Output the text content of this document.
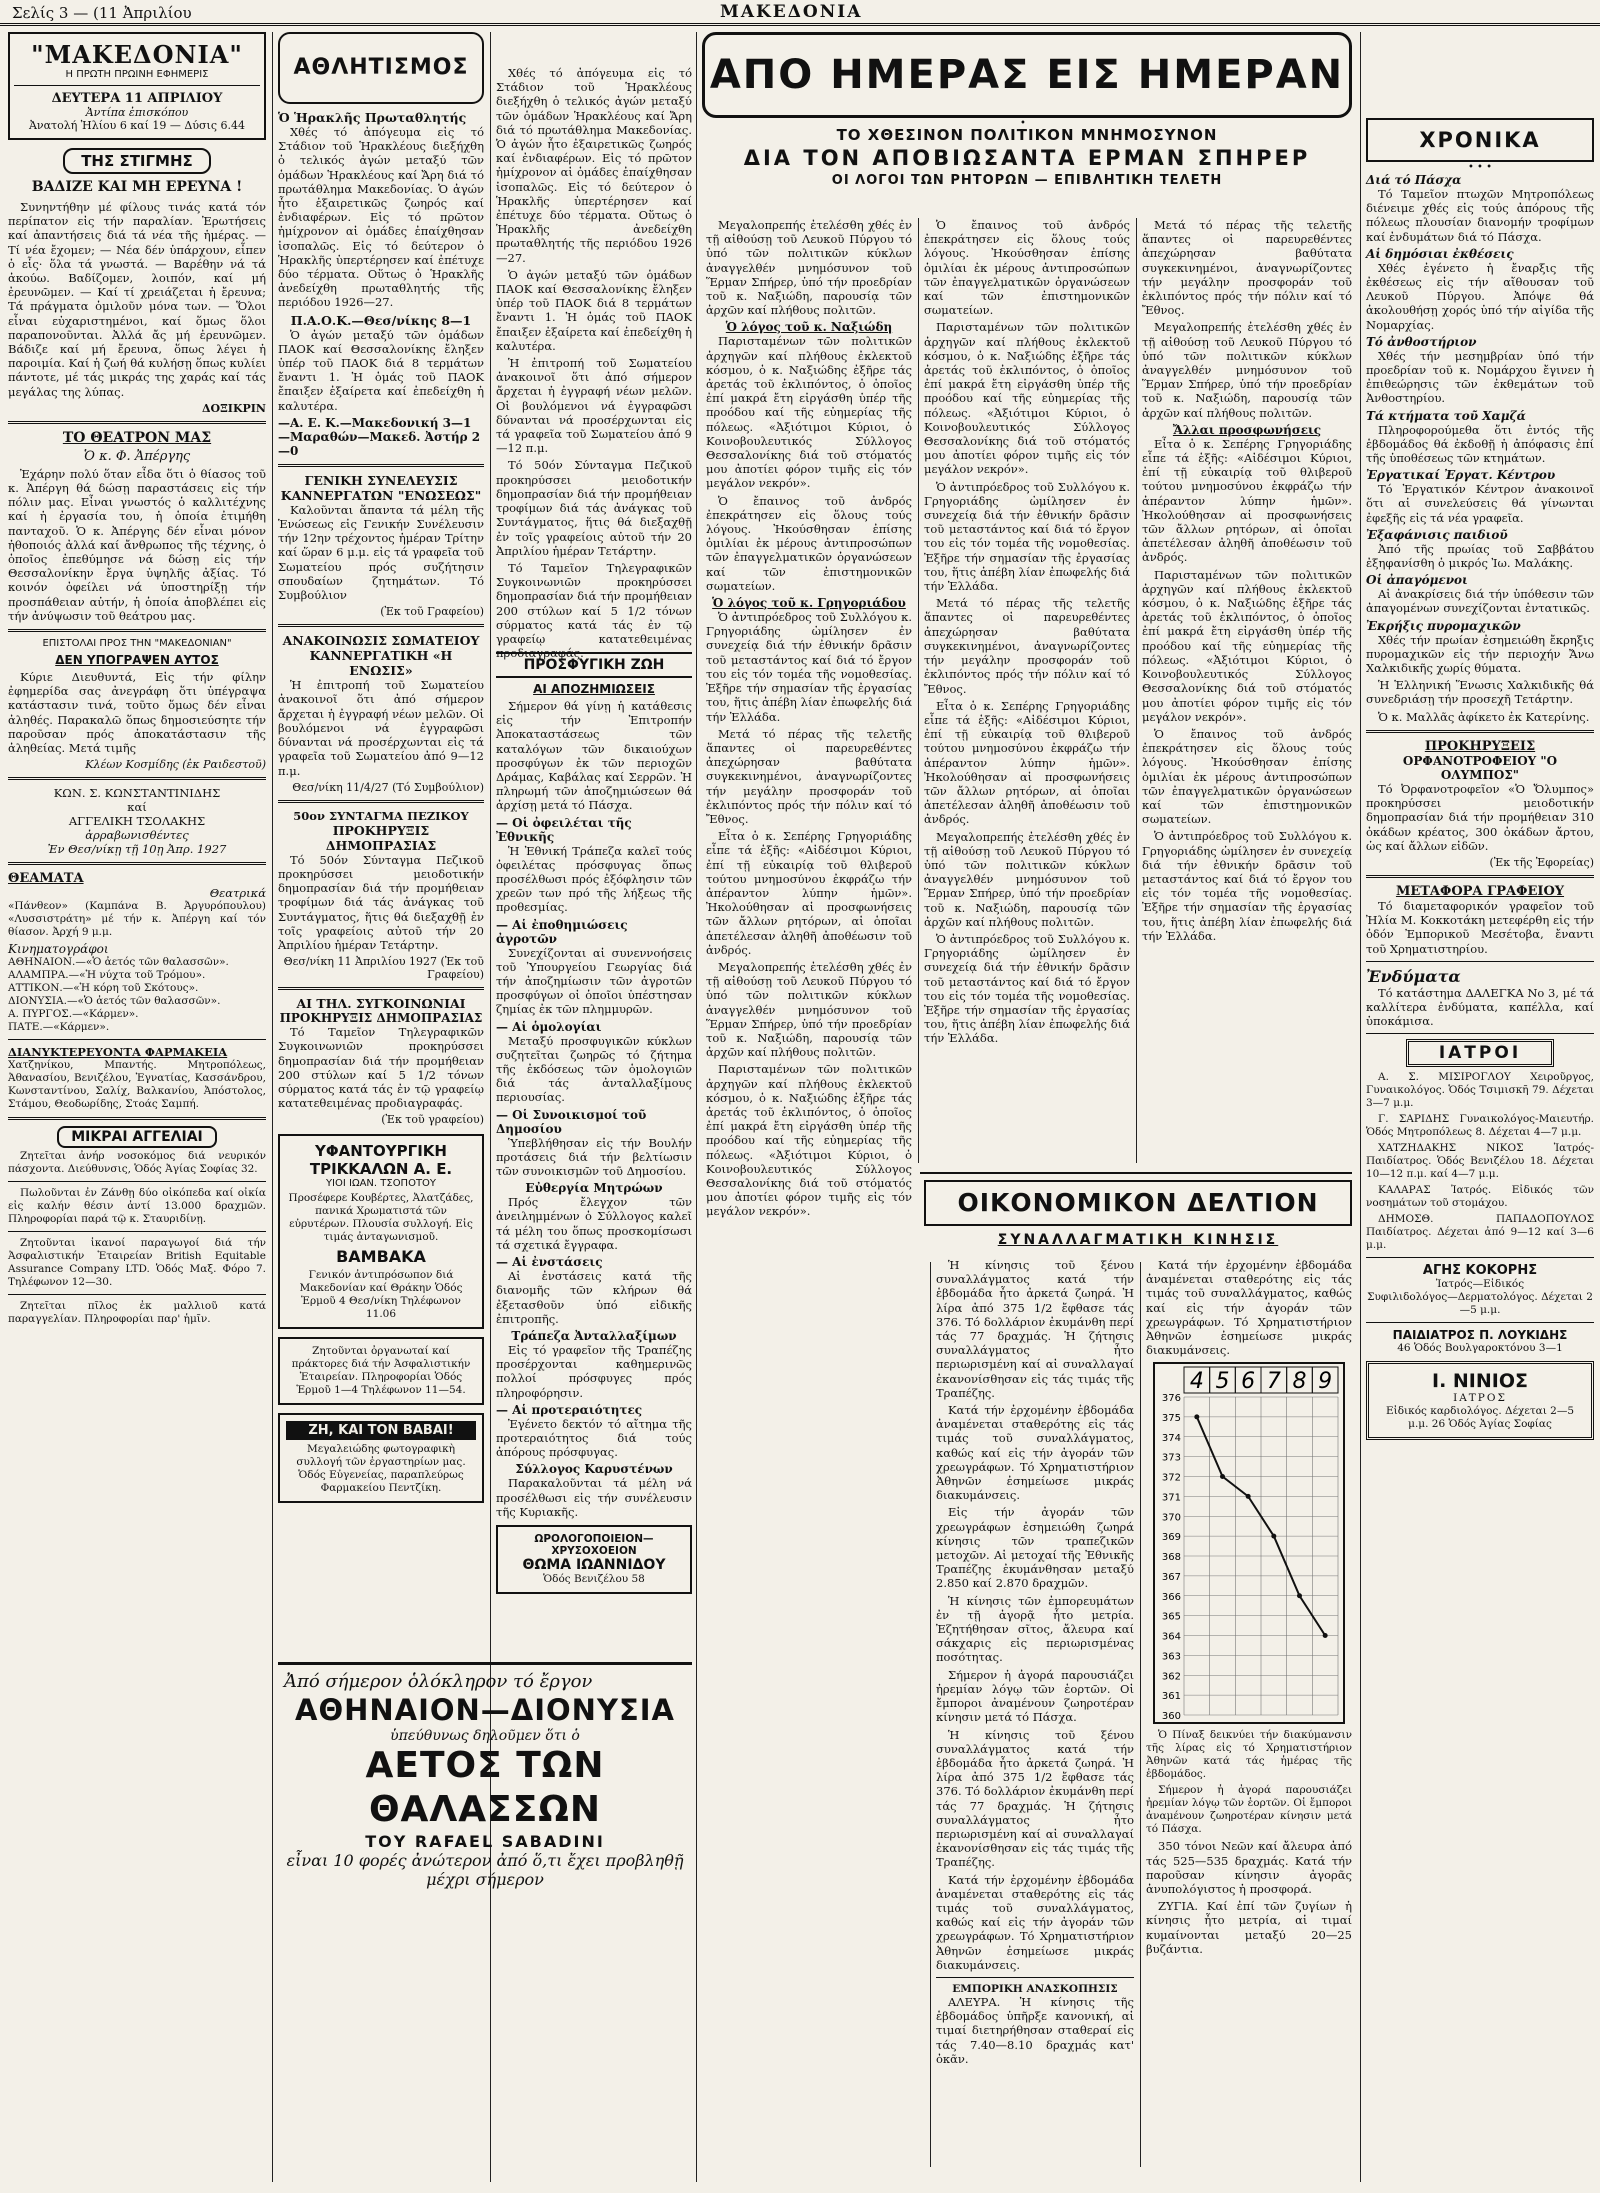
Σελίς 3 — (11 Ἀπριλίου	ΜΑΚΕΔΟΝΙΑ
"ΜΑΚΕΔΟΝΙΑ"
Η ΠΡΩΤΗ ΠΡΩΙΝΗ ΕΦΗΜΕΡΙΣ
ΔΕΥΤΕΡΑ 11 ΑΠΡΙΛΙΟΥ
Ἀντίπα ἐπισκόπου
Ἀνατολή Ἡλίου 6 καί 19 — Δύσις 6.44
ΤΗΣ ΣΤΙΓΜΗΣ
ΒΑΔΙΖΕ ΚΑΙ ΜΗ ΕΡΕΥΝΑ !

Συνηντήθην μέ φίλους τινάς κατά τόν περίπατον εἰς τήν παραλίαν. Ἐρωτήσεις καί ἀπαντήσεις διά τά νέα τῆς ἡμέρας. — Τί νέα ἔχομεν; — Νέα δέν ὑπάρχουν, εἶπεν ὁ εἷς· ὅλα τά γνωστά. — Βαρέθην νά τά ἀκούω. Βαδίζομεν, λοιπόν, καί μή ἐρευνῶμεν. — Καί τί χρειάζεται ἡ ἔρευνα; Τά πράγματα ὁμιλοῦν μόνα των. — Ὅλοι εἶναι εὐχαριστημένοι, καί ὅμως ὅλοι παραπονοῦνται. Ἀλλά ἄς μή ἐρευνῶμεν. Βάδιζε καί μή ἔρευνα, ὅπως λέγει ἡ παροιμία. Καί ἡ ζωή θά κυλήσῃ ὅπως κυλίει πάντοτε, μέ τάς μικράς της χαράς καί τάς μεγάλας της λύπας.

ΔΟΞΙΚΡΙΝ
ΤΟ ΘΕΑΤΡΟΝ ΜΑΣ
Ὁ κ. Φ. Ἀπέργης

Ἐχάρην πολύ ὅταν εἶδα ὅτι ὁ θίασος τοῦ κ. Ἀπέργη θά δώσῃ παραστάσεις εἰς τήν πόλιν μας. Εἶναι γνωστός ὁ καλλιτέχνης καί ἡ ἐργασία του, ἡ ὁποία ἐτιμήθη πανταχοῦ. Ὁ κ. Ἀπέργης δέν εἶναι μόνον ἠθοποιός ἀλλά καί ἄνθρωπος τῆς τέχνης, ὁ ὁποῖος ἐπεθύμησε νά δώσῃ εἰς τήν Θεσσαλονίκην ἔργα ὑψηλῆς ἀξίας. Τό κοινόν ὀφείλει νά ὑποστηρίξῃ τήν προσπάθειαν αὐτήν, ἡ ὁποία ἀποβλέπει εἰς τήν ἀνύψωσιν τοῦ θεάτρου μας.

ΕΠΙΣΤΟΛΑΙ ΠΡΟΣ ΤΗΝ "ΜΑΚΕΔΟΝΙΑΝ"
ΔΕΝ ΥΠΟΓΡΑΨΕΝ ΑΥΤΟΣ

Κύριε Διευθυντά, Εἰς τήν φίλην ἐφημερίδα σας ἀνεγράφη ὅτι ὑπέγραψα κατάστασιν τινά, τοῦτο ὅμως δέν εἶναι ἀληθές. Παρακαλῶ ὅπως δημοσιεύσητε τήν παροῦσαν πρός ἀποκατάστασιν τῆς ἀληθείας. Μετά τιμῆς

Κλέων Κοσμίδης (ἐκ Ραιδεστοῦ)
ΚΩΝ. Σ. ΚΩΝΣΤΑΝΤΙΝΙΔΗΣ
καί
ΑΓΓΕΛΙΚΗ ΤΣΟΛΑΚΗΣ
ἀρραβωνισθέντες
Ἐν Θεσ/νίκῃ τῇ 10ῃ Ἀπρ. 1927
ΘΕΑΜΑΤΑ
Θεατρικά
«Πάνθεον» (Καμπάνα Β. Ἀργυρόπουλου) «Λυσσιστράτη» μέ τήν κ. Ἀπέργη καί τόν θίασον. Ἀρχή 9 μ.μ.
Κινηματογράφοι
ΑΘΗΝΑΙΟΝ.—«Ὁ ἀετός τῶν θαλασσῶν».
ΑΛΑΜΠΡΑ.—«Ἡ νύχτα τοῦ Τρόμου».
ΑΤΤΙΚΟΝ.—«Ἡ κόρη τοῦ Σκότους».
ΔΙΟΝΥΣΙΑ.—«Ὁ ἀετός τῶν θαλασσῶν».
Α. ΠΥΡΓΟΣ.—«Κάρμεν».
ΠΑΤΕ.—«Κάρμεν».
ΔΙΑΝΥΚΤΕΡΕΥΟΝΤΑ ΦΑΡΜΑΚΕΙΑ
Χατζηνίκου, Μπαντής. Μητροπόλεως, Ἀθανασίου, Βενιζέλου, Ἐγνατίας, Κασσάνδρου, Κωνσταντίνου, Σαλίχ, Βαλκανίου, Ἀπόστολος, Στάμου, Θεοδωρίδης, Στοάς Σαμπή.
ΜΙΚΡΑΙ ΑΓΓΕΛΙΑΙ

Ζητεῖται ἀνήρ νοσοκόμος διά νευρικόν πάσχοντα. Διεύθυνσις, Ὁδός Ἀγίας Σοφίας 32.

Πωλοῦνται ἐν Ζάνθῃ δύο οἰκόπεδα καί οἰκία εἰς καλήν θέσιν ἀντί 13.000 δραχμῶν. Πληροφορίαι παρά τῷ κ. Σταυριδίνῃ.

Ζητοῦνται ἱκανοί παραγωγοί διά τήν Ἀσφαλιστικήν Ἑταιρείαν British Equitable Assurance Company LTD. Ὁδός Μαξ. Φόρο 7. Τηλέφωνον 12—30.

Ζητεῖται πῖλος ἐκ μαλλιοῦ κατά παραγγελίαν. Πληροφορίαι παρ' ἡμῖν.

ΑΘΛΗΤΙΣΜΟΣ
Ὁ Ἡρακλῆς Πρωταθλητής

Χθές τό ἀπόγευμα εἰς τό Στάδιον τοῦ Ἡρακλέους διεξήχθη ὁ τελικός ἀγών μεταξύ τῶν ὁμάδων Ἡρακλέους καί Ἄρη διά τό πρωτάθλημα Μακεδονίας. Ὁ ἀγών ἦτο ἐξαιρετικῶς ζωηρός καί ἐνδιαφέρων. Εἰς τό πρῶτον ἡμίχρονον αἱ ὁμάδες ἐπαίχθησαν ἰσοπαλῶς. Εἰς τό δεύτερον ὁ Ἡρακλῆς ὑπερτέρησεν καί ἐπέτυχε δύο τέρματα. Οὕτως ὁ Ἡρακλῆς ἀνεδείχθη πρωταθλητής τῆς περιόδου 1926—27.

Π.Α.Ο.Κ.—Θεσ/νίκης 8—1

Ὁ ἀγών μεταξύ τῶν ὁμάδων ΠΑΟΚ καί Θεσσαλονίκης ἔληξεν ὑπέρ τοῦ ΠΑΟΚ διά 8 τερμάτων ἔναντι 1. Ἡ ὁμάς τοῦ ΠΑΟΚ ἔπαιξεν ἐξαίρετα καί ἐπεδείχθη ἡ καλυτέρα.

—Α. Ε. Κ.—Μακεδονική 3—1
—Μαραθών—Μακεδ. Ἀστήρ 2—0
ΓΕΝΙΚΗ ΣΥΝΕΛΕΥΣΙΣ ΚΑΝΝΕΡΓΑΤΩΝ "ΕΝΩΣΕΩΣ"

Καλοῦνται ἅπαντα τά μέλη τῆς Ἑνώσεως εἰς Γενικήν Συνέλευσιν τήν 12ην τρέχοντος ἡμέραν Τρίτην καί ὥραν 6 μ.μ. εἰς τά γραφεῖα τοῦ Σωματείου πρός συζήτησιν σπουδαίων ζητημάτων. Τό Συμβούλιον

(Ἐκ τοῦ Γραφείου)
ΑΝΑΚΟΙΝΩΣΙΣ ΣΩΜΑΤΕΙΟΥ ΚΑΝΝΕΡΓΑΤΙΚΗ «Η ΕΝΩΣΙΣ»

Ἡ ἐπιτροπή τοῦ Σωματείου ἀνακοινοῖ ὅτι ἀπό σήμερον ἄρχεται ἡ ἐγγραφή νέων μελῶν. Οἱ βουλόμενοι νά ἐγγραφῶσι δύνανται νά προσέρχωνται εἰς τά γραφεῖα τοῦ Σωματείου ἀπό 9—12 π.μ.

Θεσ/νίκη 11/4/27 (Τό Συμβούλιον)
50ον ΣΥΝΤΑΓΜΑ ΠΕΖΙΚΟΥ
ΠΡΟΚΗΡΥΞΙΣ ΔΗΜΟΠΡΑΣΙΑΣ

Τό 50όν Σύνταγμα Πεζικοῦ προκηρύσσει μειοδοτικήν δημοπρασίαν διά τήν προμήθειαν τροφίμων διά τάς ἀνάγκας τοῦ Συντάγματος, ἥτις θά διεξαχθῇ ἐν τοῖς γραφείοις αὐτοῦ τήν 20 Ἀπριλίου ἡμέραν Τετάρτην.

Θεσ/νίκη 11 Ἀπριλίου 1927 (Ἐκ τοῦ Γραφείου)
ΑΙ ΤΗΛ. ΣΥΓΚΟΙΝΩΝΙΑΙ
ΠΡΟΚΗΡΥΞΙΣ ΔΗΜΟΠΡΑΣΙΑΣ

Τό Ταμεῖον Τηλεγραφικῶν Συγκοινωνιῶν προκηρύσσει δημοπρασίαν διά τήν προμήθειαν 200 στύλων καί 5 1/2 τόνων σύρματος κατά τάς ἐν τῷ γραφείῳ κατατεθειμένας προδιαγραφάς.

(Ἐκ τοῦ γραφείου)
ΥΦΑΝΤΟΥΡΓΙΚΗ ΤΡΙΚΚΑΛΩΝ Α. Ε.
ΥΙΟΙ ΙΩΑΝ. ΤΣΟΠΟΤΟΥ
Προσέφερε Κουβέρτες, Ἀλατζάδες, πανικά Χρωματιστά τῶν εὐρυτέρων. Πλουσία συλλογή. Εἰς τιμάς ἀνταγωνισμοῦ.
ΒΑΜΒΑΚΑ
Γενικόν ἀντιπρόσωπον διά Μακεδονίαν καί Θράκην Ὁδός Ἑρμοῦ 4 Θεσ/νίκη Τηλέφωνον 11.06
Ζητοῦνται ὀργανωταί καί πράκτορες διά τήν Ἀσφαλιστικήν Ἑταιρείαν. Πληροφορίαι Ὁδός Ἑρμοῦ 1—4 Τηλέφωνον 11—54.
ΖΗ, ΚΑΙ ΤΟΝ ΒΑΒΑΙ!
Μεγαλειώδης φωτογραφικὴ συλλογή τῶν ἐργαστηρίων μας. Ὁδός Εὐγενείας, παραπλεύρως Φαρμακείου Πεντζίκη.
ΠΡΟΣΦΥΓΙΚΗ ΖΩΗ
ΑΙ ΑΠΟΖΗΜΙΩΣΕΙΣ

Σήμερον θά γίνῃ ἡ κατάθεσις εἰς τήν Ἐπιτροπήν Ἀποκαταστάσεως τῶν καταλόγων τῶν δικαιούχων προσφύγων ἐκ τῶν περιοχῶν Δράμας, Καβάλας καί Σερρῶν. Ἡ πληρωμή τῶν ἀποζημιώσεων θά ἀρχίσῃ μετά τό Πάσχα.

— Οἱ ὀφειλέται τῆς Ἐθνικῆς

Ἡ Ἐθνική Τράπεζα καλεῖ τούς ὀφειλέτας πρόσφυγας ὅπως προσέλθωσι πρός ἐξόφλησιν τῶν χρεῶν των πρό τῆς λήξεως τῆς προθεσμίας.

— Αἱ ἐποθημιώσεις ἀγροτῶν

Συνεχίζονται αἱ συνεννοήσεις τοῦ Ὑπουργείου Γεωργίας διά τήν ἀποζημίωσιν τῶν ἀγροτῶν προσφύγων οἱ ὁποῖοι ὑπέστησαν ζημίας ἐκ τῶν πλημμυρῶν.

— Αἱ ὁμολογίαι

Μεταξύ προσφυγικῶν κύκλων συζητεῖται ζωηρῶς τό ζήτημα τῆς ἐκδόσεως τῶν ὁμολογιῶν διά τάς ἀνταλλαξίμους περιουσίας.

— Οἱ Συνοικισμοί τοῦ Δημοσίου

Ὑπεβλήθησαν εἰς τήν Βουλήν προτάσεις διά τήν βελτίωσιν τῶν συνοικισμῶν τοῦ Δημοσίου.

Εὐθεργία Μητρώων

Πρός ἔλεγχον τῶν ἀνειλημμένων ὁ Σύλλογος καλεῖ τά μέλη του ὅπως προσκομίσωσι τά σχετικά ἔγγραφα.

— Αἱ ἐνστάσεις

Αἱ ἐνστάσεις κατά τῆς διανομῆς τῶν κλήρων θά ἐξετασθοῦν ὑπό εἰδικῆς ἐπιτροπῆς.

Τράπεζα Ἀνταλλαξίμων

Εἰς τό γραφεῖον τῆς Τραπέζης προσέρχονται καθημερινῶς πολλοί πρόσφυγες πρός πληροφόρησιν.

— Αἱ προτεραιότητες

Ἐγένετο δεκτόν τό αἴτημα τῆς προτεραιότητος διά τούς ἀπόρους πρόσφυγας.

Σύλλογος Καρυστένων

Παρακαλοῦνται τά μέλη νά προσέλθωσι εἰς τήν συνέλευσιν τῆς Κυριακῆς.

ΩΡΟΛΟΓΟΠΟΙΕΙΟΝ—ΧΡΥΣΟΧΟΕΙΟΝ
ΘΩΜΑ ΙΩΑΝΝΙΔΟΥ
Ὁδός Βενιζέλου 58

Χθές τό ἀπόγευμα εἰς τό Στάδιον τοῦ Ἡρακλέους διεξήχθη ὁ τελικός ἀγών μεταξύ τῶν ὁμάδων Ἡρακλέους καί Ἄρη διά τό πρωτάθλημα Μακεδονίας. Ὁ ἀγών ἦτο ἐξαιρετικῶς ζωηρός καί ἐνδιαφέρων. Εἰς τό πρῶτον ἡμίχρονον αἱ ὁμάδες ἐπαίχθησαν ἰσοπαλῶς. Εἰς τό δεύτερον ὁ Ἡρακλῆς ὑπερτέρησεν καί ἐπέτυχε δύο τέρματα. Οὕτως ὁ Ἡρακλῆς ἀνεδείχθη πρωταθλητής τῆς περιόδου 1926—27.

Ὁ ἀγών μεταξύ τῶν ὁμάδων ΠΑΟΚ καί Θεσσαλονίκης ἔληξεν ὑπέρ τοῦ ΠΑΟΚ διά 8 τερμάτων ἔναντι 1. Ἡ ὁμάς τοῦ ΠΑΟΚ ἔπαιξεν ἐξαίρετα καί ἐπεδείχθη ἡ καλυτέρα.

Ἡ ἐπιτροπή τοῦ Σωματείου ἀνακοινοῖ ὅτι ἀπό σήμερον ἄρχεται ἡ ἐγγραφή νέων μελῶν. Οἱ βουλόμενοι νά ἐγγραφῶσι δύνανται νά προσέρχωνται εἰς τά γραφεῖα τοῦ Σωματείου ἀπό 9—12 π.μ.

Τό 50όν Σύνταγμα Πεζικοῦ προκηρύσσει μειοδοτικήν δημοπρασίαν διά τήν προμήθειαν τροφίμων διά τάς ἀνάγκας τοῦ Συντάγματος, ἥτις θά διεξαχθῇ ἐν τοῖς γραφείοις αὐτοῦ τήν 20 Ἀπριλίου ἡμέραν Τετάρτην.

Τό Ταμεῖον Τηλεγραφικῶν Συγκοινωνιῶν προκηρύσσει δημοπρασίαν διά τήν προμήθειαν 200 στύλων καί 5 1/2 τόνων σύρματος κατά τάς ἐν τῷ γραφείῳ κατατεθειμένας προδιαγραφάς.

Ἀπό σήμερον ὁλόκληρον τό ἔργον
ΑΘΗΝΑΙΟΝ—ΔΙΟΝΥΣΙΑ
ὑπεύθυνως δηλοῦμεν ὅτι ὁ
ΑΕΤΟΣ ΤΩΝ ΘΑΛΑΣΣΩΝ
ΤΟΥ RAFAEL SABADINI
εἶναι 10 φορές ἀνώτερον ἀπό ὅ,τι ἔχει προβληθῇ μέχρι σήμερον
ΑΠΟ ΗΜΕΡΑΣ ΕΙΣ ΗΜΕΡΑΝ
•
ΤΟ ΧΘΕΣΙΝΟΝ ΠΟΛΙΤΙΚΟΝ ΜΝΗΜΟΣΥΝΟΝ
ΔΙΑ ΤΟΝ ΑΠΟΒΙΩΣΑΝΤΑ ΕΡΜΑΝ ΣΠΗΡΕΡ
ΟΙ ΛΟΓΟΙ ΤΩΝ ΡΗΤΟΡΩΝ — ΕΠΙΒΛΗΤΙΚΗ ΤΕΛΕΤΗ

Μεγαλοπρεπής ἐτελέσθη χθές ἐν τῇ αἰθούσῃ τοῦ Λευκοῦ Πύργου τό ὑπό τῶν πολιτικῶν κύκλων ἀναγγελθέν μνημόσυνον τοῦ Ἕρμαν Σπήρερ, ὑπό τήν προεδρίαν τοῦ κ. Ναξιώδη, παρουσίᾳ τῶν ἀρχῶν καί πλήθους πολιτῶν.

Ὁ λόγος τοῦ κ. Ναξιώδη

Παρισταμένων τῶν πολιτικῶν ἀρχηγῶν καί πλήθους ἐκλεκτοῦ κόσμου, ὁ κ. Ναξιώδης ἐξῆρε τάς ἀρετάς τοῦ ἐκλιπόντος, ὁ ὁποῖος ἐπί μακρά ἔτη εἰργάσθη ὑπέρ τῆς προόδου καί τῆς εὐημερίας τῆς πόλεως. «Ἀξιότιμοι Κύριοι, ὁ Κοινοβουλευτικός Σύλλογος Θεσσαλονίκης διά τοῦ στόματός μου ἀποτίει φόρον τιμῆς εἰς τόν μεγάλον νεκρόν».

Ὁ ἔπαινος τοῦ ἀνδρός ἐπεκράτησεν εἰς ὅλους τούς λόγους. Ἠκούσθησαν ἐπίσης ὁμιλίαι ἐκ μέρους ἀντιπροσώπων τῶν ἐπαγγελματικῶν ὀργανώσεων καί τῶν ἐπιστημονικῶν σωματείων.

Ὁ λόγος τοῦ κ. Γρηγοριάδου

Ὁ ἀντιπρόεδρος τοῦ Συλλόγου κ. Γρηγοριάδης ὡμίλησεν ἐν συνεχείᾳ διά τήν ἐθνικήν δρᾶσιν τοῦ μεταστάντος καί διά τό ἔργον του εἰς τόν τομέα τῆς νομοθεσίας. Ἐξῆρε τήν σημασίαν τῆς ἐργασίας του, ἥτις ἀπέβη λίαν ἐπωφελής διά τήν Ἑλλάδα.

Μετά τό πέρας τῆς τελετῆς ἅπαντες οἱ παρευρεθέντες ἀπεχώρησαν βαθύτατα συγκεκινημένοι, ἀναγνωρίζοντες τήν μεγάλην προσφοράν τοῦ ἐκλιπόντος πρός τήν πόλιν καί τό Ἔθνος.

Εἶτα ὁ κ. Σεπέρης Γρηγοριάδης εἶπε τά ἑξῆς: «Αἰδέσιμοι Κύριοι, ἐπί τῇ εὐκαιρίᾳ τοῦ θλιβεροῦ τούτου μνημοσύνου ἐκφράζω τήν ἀπέραντον λύπην ἡμῶν». Ἠκολούθησαν αἱ προσφωνήσεις τῶν ἄλλων ρητόρων, αἱ ὁποῖαι ἀπετέλεσαν ἀληθῆ ἀποθέωσιν τοῦ ἀνδρός.

Μεγαλοπρεπής ἐτελέσθη χθές ἐν τῇ αἰθούσῃ τοῦ Λευκοῦ Πύργου τό ὑπό τῶν πολιτικῶν κύκλων ἀναγγελθέν μνημόσυνον τοῦ Ἕρμαν Σπήρερ, ὑπό τήν προεδρίαν τοῦ κ. Ναξιώδη, παρουσίᾳ τῶν ἀρχῶν καί πλήθους πολιτῶν.

Παρισταμένων τῶν πολιτικῶν ἀρχηγῶν καί πλήθους ἐκλεκτοῦ κόσμου, ὁ κ. Ναξιώδης ἐξῆρε τάς ἀρετάς τοῦ ἐκλιπόντος, ὁ ὁποῖος ἐπί μακρά ἔτη εἰργάσθη ὑπέρ τῆς προόδου καί τῆς εὐημερίας τῆς πόλεως. «Ἀξιότιμοι Κύριοι, ὁ Κοινοβουλευτικός Σύλλογος Θεσσαλονίκης διά τοῦ στόματός μου ἀποτίει φόρον τιμῆς εἰς τόν μεγάλον νεκρόν».

Ὁ ἔπαινος τοῦ ἀνδρός ἐπεκράτησεν εἰς ὅλους τούς λόγους. Ἠκούσθησαν ἐπίσης ὁμιλίαι ἐκ μέρους ἀντιπροσώπων τῶν ἐπαγγελματικῶν ὀργανώσεων καί τῶν ἐπιστημονικῶν σωματείων.

Παρισταμένων τῶν πολιτικῶν ἀρχηγῶν καί πλήθους ἐκλεκτοῦ κόσμου, ὁ κ. Ναξιώδης ἐξῆρε τάς ἀρετάς τοῦ ἐκλιπόντος, ὁ ὁποῖος ἐπί μακρά ἔτη εἰργάσθη ὑπέρ τῆς προόδου καί τῆς εὐημερίας τῆς πόλεως. «Ἀξιότιμοι Κύριοι, ὁ Κοινοβουλευτικός Σύλλογος Θεσσαλονίκης διά τοῦ στόματός μου ἀποτίει φόρον τιμῆς εἰς τόν μεγάλον νεκρόν».

Ὁ ἀντιπρόεδρος τοῦ Συλλόγου κ. Γρηγοριάδης ὡμίλησεν ἐν συνεχείᾳ διά τήν ἐθνικήν δρᾶσιν τοῦ μεταστάντος καί διά τό ἔργον του εἰς τόν τομέα τῆς νομοθεσίας. Ἐξῆρε τήν σημασίαν τῆς ἐργασίας του, ἥτις ἀπέβη λίαν ἐπωφελής διά τήν Ἑλλάδα.

Μετά τό πέρας τῆς τελετῆς ἅπαντες οἱ παρευρεθέντες ἀπεχώρησαν βαθύτατα συγκεκινημένοι, ἀναγνωρίζοντες τήν μεγάλην προσφοράν τοῦ ἐκλιπόντος πρός τήν πόλιν καί τό Ἔθνος.

Εἶτα ὁ κ. Σεπέρης Γρηγοριάδης εἶπε τά ἑξῆς: «Αἰδέσιμοι Κύριοι, ἐπί τῇ εὐκαιρίᾳ τοῦ θλιβεροῦ τούτου μνημοσύνου ἐκφράζω τήν ἀπέραντον λύπην ἡμῶν». Ἠκολούθησαν αἱ προσφωνήσεις τῶν ἄλλων ρητόρων, αἱ ὁποῖαι ἀπετέλεσαν ἀληθῆ ἀποθέωσιν τοῦ ἀνδρός.

Μεγαλοπρεπής ἐτελέσθη χθές ἐν τῇ αἰθούσῃ τοῦ Λευκοῦ Πύργου τό ὑπό τῶν πολιτικῶν κύκλων ἀναγγελθέν μνημόσυνον τοῦ Ἕρμαν Σπήρερ, ὑπό τήν προεδρίαν τοῦ κ. Ναξιώδη, παρουσίᾳ τῶν ἀρχῶν καί πλήθους πολιτῶν.

Ὁ ἀντιπρόεδρος τοῦ Συλλόγου κ. Γρηγοριάδης ὡμίλησεν ἐν συνεχείᾳ διά τήν ἐθνικήν δρᾶσιν τοῦ μεταστάντος καί διά τό ἔργον του εἰς τόν τομέα τῆς νομοθεσίας. Ἐξῆρε τήν σημασίαν τῆς ἐργασίας του, ἥτις ἀπέβη λίαν ἐπωφελής διά τήν Ἑλλάδα.

Μετά τό πέρας τῆς τελετῆς ἅπαντες οἱ παρευρεθέντες ἀπεχώρησαν βαθύτατα συγκεκινημένοι, ἀναγνωρίζοντες τήν μεγάλην προσφοράν τοῦ ἐκλιπόντος πρός τήν πόλιν καί τό Ἔθνος.

Μεγαλοπρεπής ἐτελέσθη χθές ἐν τῇ αἰθούσῃ τοῦ Λευκοῦ Πύργου τό ὑπό τῶν πολιτικῶν κύκλων ἀναγγελθέν μνημόσυνον τοῦ Ἕρμαν Σπήρερ, ὑπό τήν προεδρίαν τοῦ κ. Ναξιώδη, παρουσίᾳ τῶν ἀρχῶν καί πλήθους πολιτῶν.

Ἄλλαι προσφωνήσεις

Εἶτα ὁ κ. Σεπέρης Γρηγοριάδης εἶπε τά ἑξῆς: «Αἰδέσιμοι Κύριοι, ἐπί τῇ εὐκαιρίᾳ τοῦ θλιβεροῦ τούτου μνημοσύνου ἐκφράζω τήν ἀπέραντον λύπην ἡμῶν». Ἠκολούθησαν αἱ προσφωνήσεις τῶν ἄλλων ρητόρων, αἱ ὁποῖαι ἀπετέλεσαν ἀληθῆ ἀποθέωσιν τοῦ ἀνδρός.

Παρισταμένων τῶν πολιτικῶν ἀρχηγῶν καί πλήθους ἐκλεκτοῦ κόσμου, ὁ κ. Ναξιώδης ἐξῆρε τάς ἀρετάς τοῦ ἐκλιπόντος, ὁ ὁποῖος ἐπί μακρά ἔτη εἰργάσθη ὑπέρ τῆς προόδου καί τῆς εὐημερίας τῆς πόλεως. «Ἀξιότιμοι Κύριοι, ὁ Κοινοβουλευτικός Σύλλογος Θεσσαλονίκης διά τοῦ στόματός μου ἀποτίει φόρον τιμῆς εἰς τόν μεγάλον νεκρόν».

Ὁ ἔπαινος τοῦ ἀνδρός ἐπεκράτησεν εἰς ὅλους τούς λόγους. Ἠκούσθησαν ἐπίσης ὁμιλίαι ἐκ μέρους ἀντιπροσώπων τῶν ἐπαγγελματικῶν ὀργανώσεων καί τῶν ἐπιστημονικῶν σωματείων.

Ὁ ἀντιπρόεδρος τοῦ Συλλόγου κ. Γρηγοριάδης ὡμίλησεν ἐν συνεχείᾳ διά τήν ἐθνικήν δρᾶσιν τοῦ μεταστάντος καί διά τό ἔργον του εἰς τόν τομέα τῆς νομοθεσίας. Ἐξῆρε τήν σημασίαν τῆς ἐργασίας του, ἥτις ἀπέβη λίαν ἐπωφελής διά τήν Ἑλλάδα.

ΟΙΚΟΝΟΜΙΚΟΝ ΔΕΛΤΙΟΝ
ΣΥΝΑΛΛΑΓΜΑΤΙΚΗ ΚΙΝΗΣΙΣ

Ἡ κίνησις τοῦ ξένου συναλλάγματος κατά τήν ἑβδομάδα ἦτο ἀρκετά ζωηρά. Ἡ λίρα ἀπό 375 1/2 ἔφθασε τάς 376. Τό δολλάριον ἐκυμάνθη περί τάς 77 δραχμάς. Ἡ ζήτησις συναλλάγματος ἦτο περιωρισμένη καί αἱ συναλλαγαί ἐκανονίσθησαν εἰς τάς τιμάς τῆς Τραπέζης.

Κατά τήν ἐρχομένην ἑβδομάδα ἀναμένεται σταθερότης εἰς τάς τιμάς τοῦ συναλλάγματος, καθώς καί εἰς τήν ἀγοράν τῶν χρεωγράφων. Τό Χρηματιστήριον Ἀθηνῶν ἐσημείωσε μικράς διακυμάνσεις.

Εἰς τήν ἀγοράν τῶν χρεωγράφων ἐσημειώθη ζωηρά κίνησις τῶν τραπεζικῶν μετοχῶν. Αἱ μετοχαί τῆς Ἐθνικῆς Τραπέζης ἐκυμάνθησαν μεταξύ 2.850 καί 2.870 δραχμῶν.

Ἡ κίνησις τῶν ἐμπορευμάτων ἐν τῇ ἀγορᾷ ἦτο μετρία. Ἐζητήθησαν σῖτος, ἄλευρα καί σάκχαρις εἰς περιωρισμένας ποσότητας.

Σήμερον ἡ ἀγορά παρουσιάζει ἠρεμίαν λόγῳ τῶν ἑορτῶν. Οἱ ἔμποροι ἀναμένουν ζωηροτέραν κίνησιν μετά τό Πάσχα.

Ἡ κίνησις τοῦ ξένου συναλλάγματος κατά τήν ἑβδομάδα ἦτο ἀρκετά ζωηρά. Ἡ λίρα ἀπό 375 1/2 ἔφθασε τάς 376. Τό δολλάριον ἐκυμάνθη περί τάς 77 δραχμάς. Ἡ ζήτησις συναλλάγματος ἦτο περιωρισμένη καί αἱ συναλλαγαί ἐκανονίσθησαν εἰς τάς τιμάς τῆς Τραπέζης.

Κατά τήν ἐρχομένην ἑβδομάδα ἀναμένεται σταθερότης εἰς τάς τιμάς τοῦ συναλλάγματος, καθώς καί εἰς τήν ἀγοράν τῶν χρεωγράφων. Τό Χρηματιστήριον Ἀθηνῶν ἐσημείωσε μικράς διακυμάνσεις.

ΕΜΠΟΡΙΚΗ ΑΝΑΣΚΟΠΗΣΙΣ

ΑΛΕΥΡΑ. Ἡ κίνησις τῆς ἑβδομάδος ὑπῆρξε κανονική, αἱ τιμαί διετηρήθησαν σταθεραί εἰς τάς 7.40—8.10 δραχμάς κατ' ὀκᾶν.

Κατά τήν ἐρχομένην ἑβδομάδα ἀναμένεται σταθερότης εἰς τάς τιμάς τοῦ συναλλάγματος, καθώς καί εἰς τήν ἀγοράν τῶν χρεωγράφων. Τό Χρηματιστήριον Ἀθηνῶν ἐσημείωσε μικράς διακυμάνσεις.

4 5 6 7 8 9
376
375
374
373
372
371
370
369
368
367
366
365
364
363
362
361
360

Ὁ Πίναξ δεικνύει τήν διακύμανσιν τῆς λίρας εἰς τό Χρηματιστήριον Ἀθηνῶν κατά τάς ἡμέρας τῆς ἑβδομάδος.

Σήμερον ἡ ἀγορά παρουσιάζει ἠρεμίαν λόγῳ τῶν ἑορτῶν. Οἱ ἔμποροι ἀναμένουν ζωηροτέραν κίνησιν μετά τό Πάσχα.

350 τόνοι Νεῶν καί ἄλευρα ἀπό τάς 525—535 δραχμάς. Κατά τήν παροῦσαν κίνησιν ἀγορᾶς ἀνυπολόγιστος ἡ προσφορά.

ΖΥΓΙΑ. Καί ἐπί τῶν ζυγίων ἡ κίνησις ἦτο μετρία, αἱ τιμαί κυμαίνονται μεταξύ 20—25 βυζάντια.

ΧΡΟΝΙΚΑ
• • •
Διά τό Πάσχα

Τό Ταμεῖον πτωχῶν Μητροπόλεως διένειμε χθές εἰς τούς ἀπόρους τῆς πόλεως πλουσίαν διανομήν τροφίμων καί ἐνδυμάτων διά τό Πάσχα.

Αἱ δημόσιαι ἐκθέσεις

Χθές ἐγένετο ἡ ἔναρξις τῆς ἐκθέσεως εἰς τήν αἴθουσαν τοῦ Λευκοῦ Πύργου. Ἀπόψε θά ἀκολουθήσῃ χορός ὑπό τήν αἰγίδα τῆς Νομαρχίας.

Τό ἀνθοστήριον

Χθές τήν μεσημβρίαν ὑπό τήν προεδρίαν τοῦ κ. Νομάρχου ἔγινεν ἡ ἐπιθεώρησις τῶν ἐκθεμάτων τοῦ Ἀνθοστηρίου.

Τά κτήματα τοῦ Χαμζά

Πληροφορούμεθα ὅτι ἐντός τῆς ἑβδομάδος θά ἐκδοθῇ ἡ ἀπόφασις ἐπί τῆς ὑποθέσεως τῶν κτημάτων.

Ἐργατικαί Ἐργατ. Κέντρου

Τό Ἐργατικόν Κέντρον ἀνακοινοῖ ὅτι αἱ συνελεύσεις θά γίνωνται ἐφεξῆς εἰς τά νέα γραφεῖα.

Ἐξαφάνισις παιδιοῦ

Ἀπό τῆς πρωίας τοῦ Σαββάτου ἐξηφανίσθη ὁ μικρός Ἰω. Μαλάκης.

Οἱ ἀπαγόμενοι

Αἱ ἀνακρίσεις διά τήν ὑπόθεσιν τῶν ἀπαγομένων συνεχίζονται ἐντατικῶς.

Ἐκρήξις πυρομαχικῶν

Χθές τήν πρωίαν ἐσημειώθη ἔκρηξις πυρομαχικῶν εἰς τήν περιοχήν Ἄνω Χαλκιδικῆς χωρίς θύματα.

Ἡ Ἑλληνική Ἕνωσις Χαλκιδικῆς θά συνεδριάσῃ τήν προσεχῆ Τετάρτην.

Ὁ κ. Μαλλᾶς ἀφίκετο ἐκ Κατερίνης.

ΠΡΟΚΗΡΥΞΕΙΣ
ΟΡΦΑΝΟΤΡΟΦΕΙΟΥ "Ο ΟΛΥΜΠΟΣ"

Τό Ὀρφανοτροφεῖον «Ὁ Ὄλυμπος» προκηρύσσει μειοδοτικήν δημοπρασίαν διά τήν προμήθειαν 310 ὀκάδων κρέατος, 300 ὀκάδων ἄρτου, ὡς καί ἄλλων εἰδῶν.

(Ἐκ τῆς Ἐφορείας)
ΜΕΤΑΦΟΡΑ ΓΡΑΦΕΙΟΥ

Τό διαμεταφορικόν γραφεῖον τοῦ Ἠλία Μ. Κοκκοτάκη μετεφέρθη εἰς τήν ὁδόν Ἐμπορικοῦ Μεσέτοβα, ἔναντι τοῦ Χρηματιστηρίου.

Ἐνδύματα

Τό κατάστημα ΔΑΛΕΓΚΑ Νο 3, μέ τά καλλίτερα ἐνδύματα, καπέλλα, καί ὑποκάμισα.

ΙΑΤΡΟΙ

Α. Σ. ΜΙΣΙΡΟΓΛΟΥ Χειροῦργος, Γυναικολόγος. Ὁδός Τσιμισκῆ 79. Δέχεται 3—7 μ.μ.

Γ. ΣΑΡΙΔΗΣ Γυναικολόγος-Μαιευτήρ. Ὁδός Μητροπόλεως 8. Δέχεται 4—7 μ.μ.

ΧΑΤΖΗΔΑΚΗΣ ΝΙΚΟΣ Ἰατρός-Παιδίατρος. Ὁδός Βενιζέλου 18. Δέχεται 10—12 π.μ. καί 4—7 μ.μ.

ΚΑΛΑΡΑΣ Ἰατρός. Εἰδικός τῶν νοσημάτων τοῦ στομάχου.

ΔΗΜΟΣΘ. ΠΑΠΑΔΟΠΟΥΛΟΣ Παιδίατρος. Δέχεται ἀπό 9—12 καί 3—6 μ.μ.

ΑΓΗΣ ΚΟΚΟΡΗΣ
Ἰατρός—Εἰδικός
Συφιλιδολόγος—Δερματολόγος. Δέχεται 2—5 μ.μ.
ΠΑΙΔΙΑΤΡΟΣ Π. ΛΟΥΚΙΔΗΣ
46 Ὁδός Βουλγαροκτόνου 3—1
Ι. ΝΙΝΙΟΣ
ΙΑΤΡΟΣ
Εἰδικός καρδιολόγος. Δέχεται 2—5 μ.μ. 26 Ὁδός Ἀγίας Σοφίας
